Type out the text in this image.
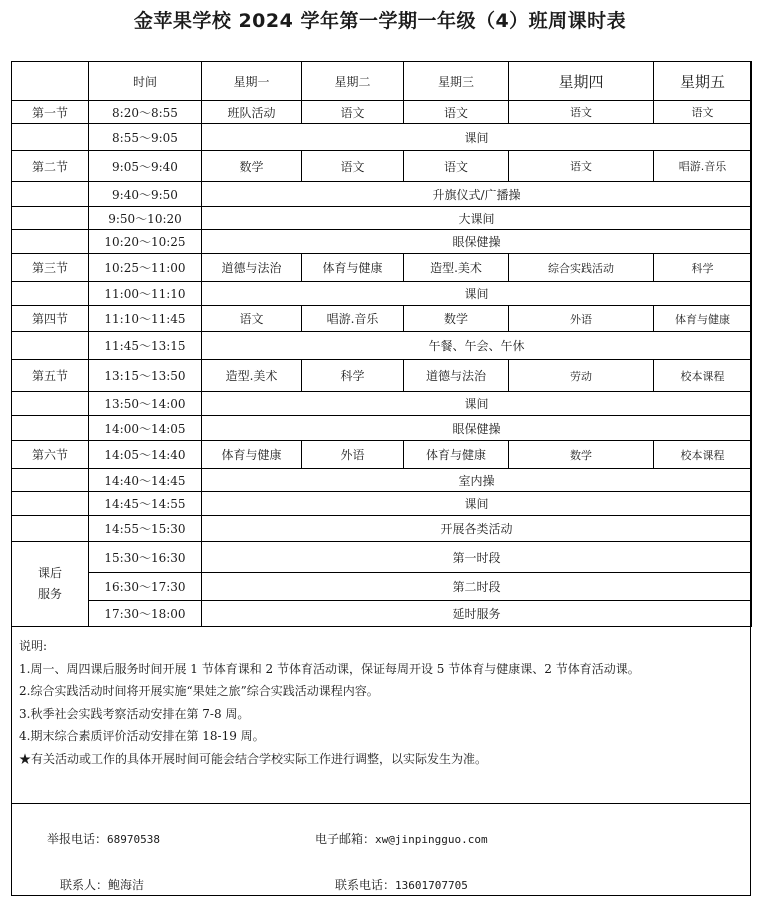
金苹果学校 2024 学年第一学期一年级（4）班周课时表
	时间	星期一	星期二	星期三	星期四	星期五
第一节	8:20～8:55	班队活动	语文	语文	语文	语文
	8:55～9:05	课间				
第二节	9:05～9:40	数学	语文	语文	语文	唱游.音乐
	9:40～9:50	升旗仪式/广播操				
	9:50～10:20	大课间				
	10:20～10:25	眼保健操				
第三节	10:25～11:00	道德与法治	体育与健康	造型.美术	综合实践活动	科学
	11:00～11:10	课间				
第四节	11:10～11:45	语文	唱游.音乐	数学	外语	体育与健康
	11:45～13:15	午餐、午会、午休				
第五节	13:15～13:50	造型.美术	科学	道德与法治	劳动	校本课程
	13:50～14:00	课间				
	14:00～14:05	眼保健操				
第六节	14:05～14:40	体育与健康	外语	体育与健康	数学	校本课程
	14:40～14:45	室内操				
	14:45～14:55	课间				
	14:55～15:30	开展各类活动				

课后
服务	15:30～16:30	第一时段				
	16:30～17:30	第二时段				
	17:30～18:00	延时服务				
说明:
1.周一、周四课后服务时间开展 1 节体育课和 2 节体育活动课，保证每周开设 5 节体育与健康课、2 节体育活动课。
2.综合实践活动时间将开展实施“果娃之旅”综合实践活动课程内容。
3.秋季社会实践考察活动安排在第 7-8 周。
4.期末综合素质评价活动安排在第 18-19 周。
★有关活动或工作的具体开展时间可能会结合学校实际工作进行调整，以实际发生为准。
举报电话：68970538	电子邮箱：xw@jinpingguo.com
联系人：鲍海洁	联系电话：13601707705
